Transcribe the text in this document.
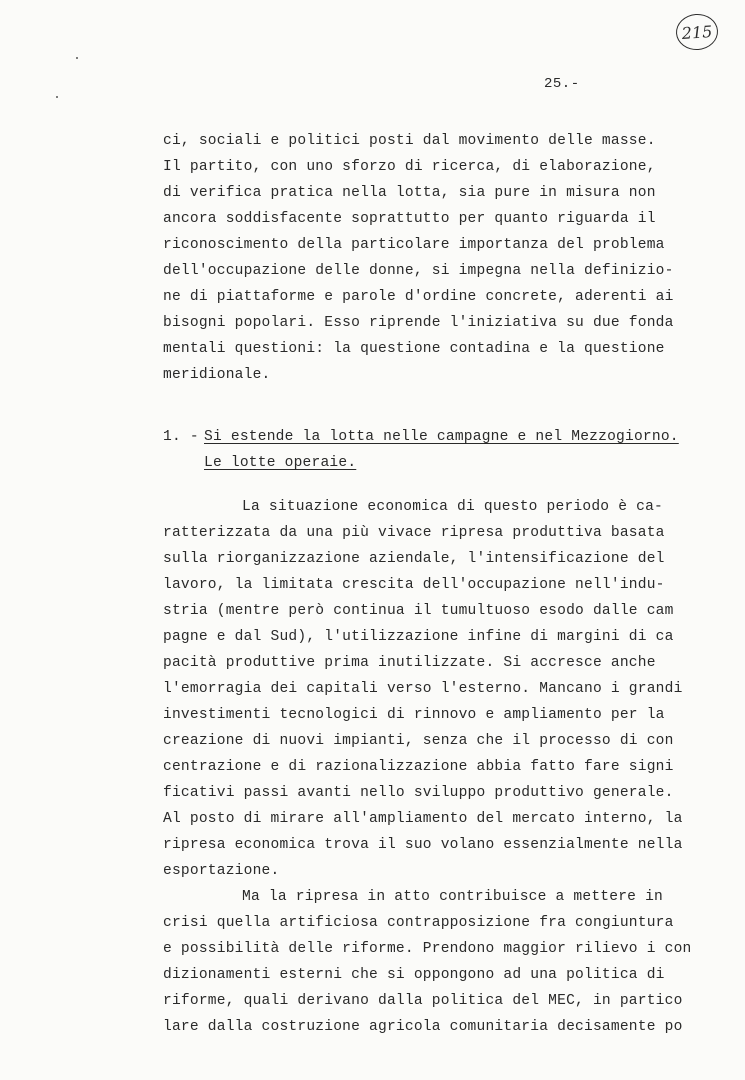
215
25.-
ci, sociali e politici posti dal movimento delle masse.
Il partito, con uno sforzo di ricerca, di elaborazione,
di verifica pratica nella lotta, sia pure in misura non
ancora soddisfacente soprattutto per quanto riguarda il
riconoscimento della particolare importanza del problema
dell'occupazione delle donne, si impegna nella definizio-
ne di piattaforme e parole d'ordine concrete, aderenti ai
bisogni popolari. Esso riprende l'iniziativa su due fonda
mentali questioni: la questione contadina e la questione
meridionale.
1. - Si estende la lotta nelle campagne e nel Mezzogiorno.
Le lotte operaie.
La situazione economica di questo periodo è ca-
ratterizzata da una più vivace ripresa produttiva basata
sulla riorganizzazione aziendale, l'intensificazione del
lavoro, la limitata crescita dell'occupazione nell'indu-
stria (mentre però continua il tumultuoso esodo dalle cam
pagne e dal Sud), l'utilizzazione infine di margini di ca
pacità produttive prima inutilizzate. Si accresce anche
l'emorragia dei capitali verso l'esterno. Mancano i grandi
investimenti tecnologici di rinnovo e ampliamento per la
creazione di nuovi impianti, senza che il processo di con
centrazione e di razionalizzazione abbia fatto fare signi
ficativi passi avanti nello sviluppo produttivo generale.
Al posto di mirare all'ampliamento del mercato interno, la
ripresa economica trova il suo volano essenzialmente nella
esportazione.
Ma la ripresa in atto contribuisce a mettere in
crisi quella artificiosa contrapposizione fra congiuntura
e possibilità delle riforme. Prendono maggior rilievo i con
dizionamenti esterni che si oppongono ad una politica di
riforme, quali derivano dalla politica del MEC, in partico
lare dalla costruzione agricola comunitaria decisamente po
